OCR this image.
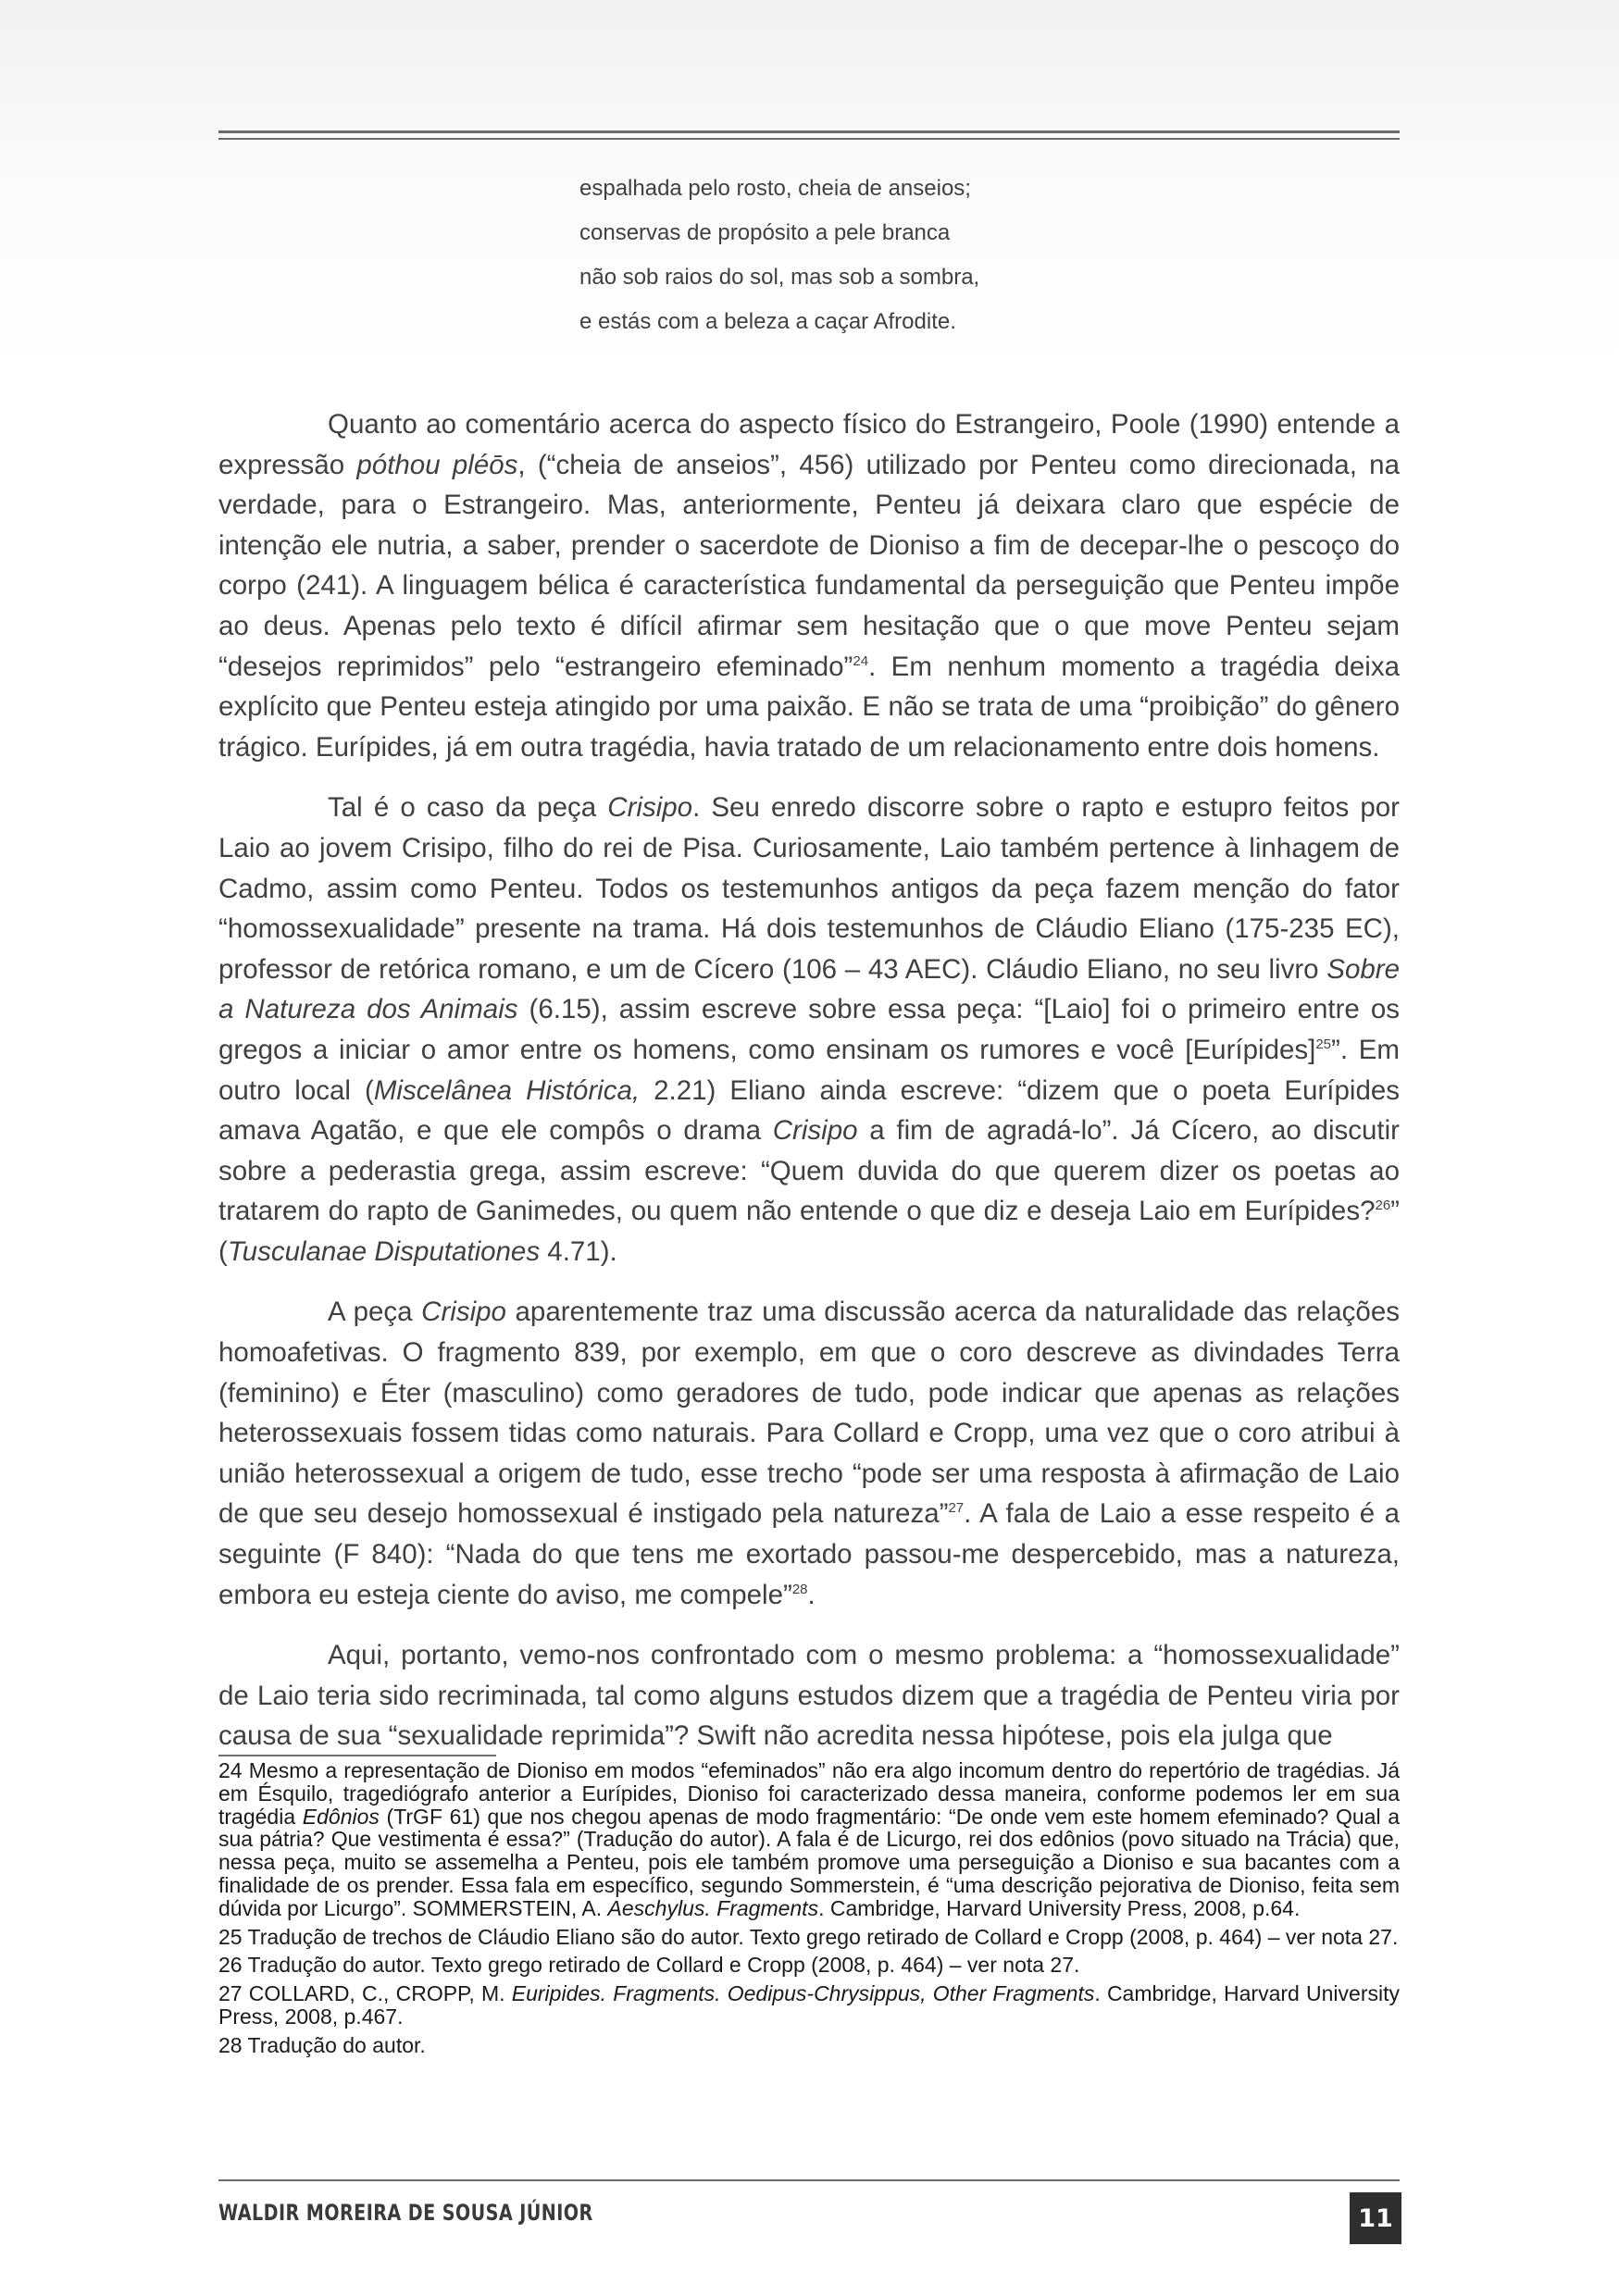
espalhada pelo rosto, cheia de anseios;
conservas de propósito a pele branca
não sob raios do sol, mas sob a sombra,
e estás com a beleza a caçar Afrodite.

Quanto ao comentário acerca do aspecto físico do Estrangeiro, Poole (1990) entende a expressão póthou pléōs, (“cheia de anseios”, 456) utilizado por Penteu como direcionada, na verdade, para o Estrangeiro. Mas, anteriormente, Penteu já deixara claro que espécie de intenção ele nutria, a saber, prender o sacerdote de Dioniso a fim de decepar-lhe o pescoço do corpo (241). A linguagem bélica é característica fundamental da perseguição que Penteu impõe ao deus. Apenas pelo texto é difícil afirmar sem hesitação que o que move Penteu sejam “desejos reprimidos” pelo “estrangeiro efeminado”$^{24}$. Em nenhum momento a tragédia deixa explícito que Penteu esteja atingido por uma paixão. E não se trata de uma “proibição” do gênero trágico. Eurípides, já em outra tragédia, havia tratado de um relacionamento entre dois homens.

Tal é o caso da peça Crisipo. Seu enredo discorre sobre o rapto e estupro feitos por Laio ao jovem Crisipo, filho do rei de Pisa. Curiosamente, Laio também pertence à linhagem de Cadmo, assim como Penteu. Todos os testemunhos antigos da peça fazem menção do fator “homossexualidade” presente na trama. Há dois testemunhos de Cláudio Eliano (175-235 EC), professor de retórica romano, e um de Cícero (106 – 43 AEC). Cláudio Eliano, no seu livro Sobre a Natureza dos Animais (6.15), assim escreve sobre essa peça: “[Laio] foi o primeiro entre os gregos a iniciar o amor entre os homens, como ensinam os rumores e você [Eurípides]$^{25}$”. Em outro local (Miscelânea Histórica, 2.21) Eliano ainda escreve: “dizem que o poeta Eurípides amava Agatão, e que ele compôs o drama Crisipo a fim de agradá-lo”. Já Cícero, ao discutir sobre a pederastia grega, assim escreve: “Quem duvida do que querem dizer os poetas ao tratarem do rapto de Ganimedes, ou quem não entende o que diz e deseja Laio em Eurípides?$^{26}$” (Tusculanae Disputationes 4.71).

A peça Crisipo aparentemente traz uma discussão acerca da naturalidade das relações homoafetivas. O fragmento 839, por exemplo, em que o coro descreve as divindades Terra (feminino) e Éter (masculino) como geradores de tudo, pode indicar que apenas as relações heterossexuais fossem tidas como naturais. Para Collard e Cropp, uma vez que o coro atribui à união heterossexual a origem de tudo, esse trecho “pode ser uma resposta à afirmação de Laio de que seu desejo homossexual é instigado pela natureza”$^{27}$. A fala de Laio a esse respeito é a seguinte (F 840): “Nada do que tens me exortado passou-me despercebido, mas a natureza, embora eu esteja ciente do aviso, me compele”$^{28}$.

Aqui, portanto, vemo-nos confrontado com o mesmo problema: a “homossexualidade” de Laio teria sido recriminada, tal como alguns estudos dizem que a tragédia de Penteu viria por causa de sua “sexualidade reprimida”? Swift não acredita nessa hipótese, pois ela julga que

24 Mesmo a representação de Dioniso em modos “efeminados” não era algo incomum dentro do repertório de tragédias. Já em Ésquilo, tragediógrafo anterior a Eurípides, Dioniso foi caracterizado dessa maneira, conforme podemos ler em sua tragédia Edônios (TrGF 61) que nos chegou apenas de modo fragmentário: “De onde vem este homem efeminado? Qual a sua pátria? Que vestimenta é essa?” (Tradução do autor). A fala é de Licurgo, rei dos edônios (povo situado na Trácia) que, nessa peça, muito se assemelha a Penteu, pois ele também promove uma perseguição a Dioniso e sua bacantes com a finalidade de os prender. Essa fala em específico, segundo Sommerstein, é “uma descrição pejorativa de Dioniso, feita sem dúvida por Licurgo”. SOMMERSTEIN, A. Aeschylus. Fragments. Cambridge, Harvard University Press, 2008, p.64.

25 Tradução de trechos de Cláudio Eliano são do autor. Texto grego retirado de Collard e Cropp (2008, p. 464) – ver nota 27.

26 Tradução do autor. Texto grego retirado de Collard e Cropp (2008, p. 464) – ver nota 27.

27 COLLARD, C., CROPP, M. Euripides. Fragments. Oedipus-Chrysippus, Other Fragments. Cambridge, Harvard University Press, 2008, p.467.

28 Tradução do autor.

WALDIR MOREIRA DE SOUSA JÚNIOR	11
